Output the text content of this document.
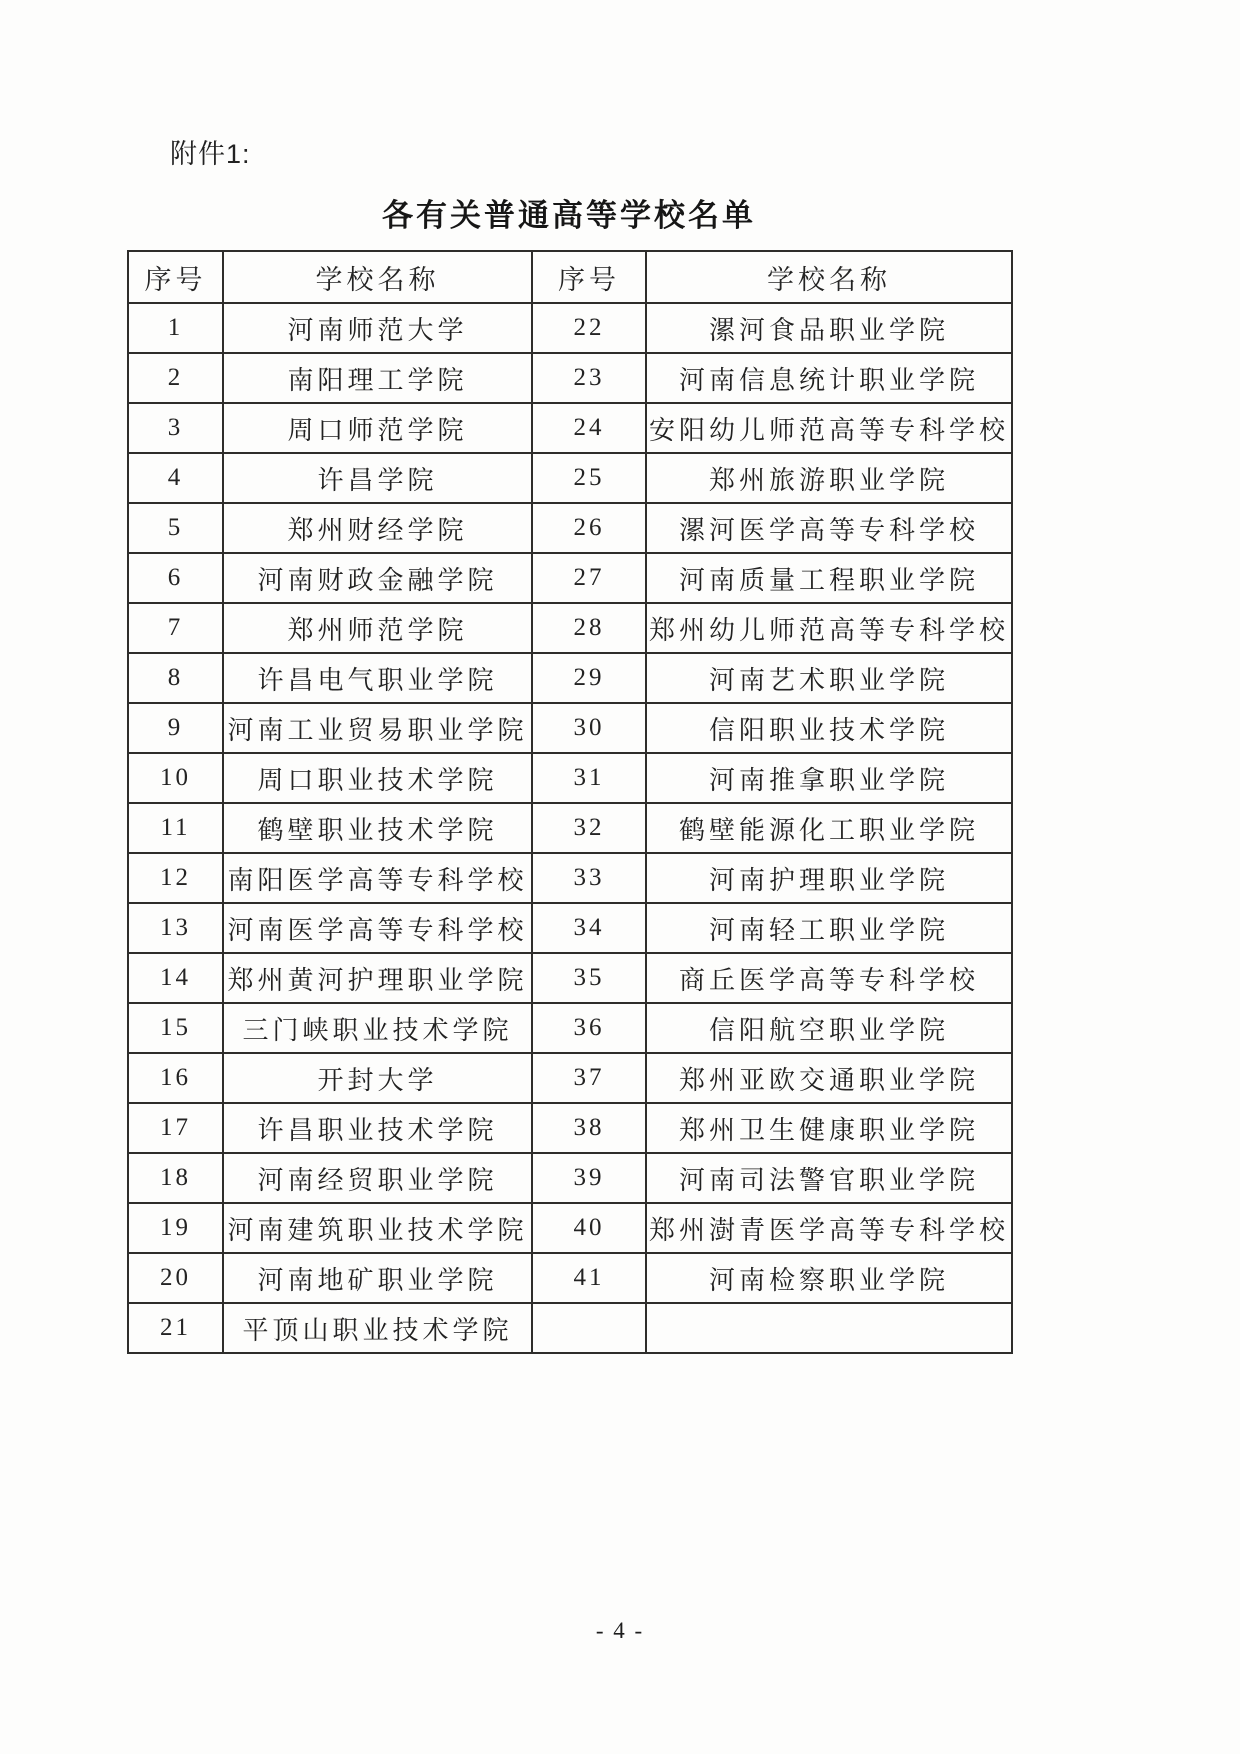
附件1:
各有关普通高等学校名单
序号	学校名称	序号	学校名称
1	河南师范大学	22	漯河食品职业学院
2	南阳理工学院	23	河南信息统计职业学院
3	周口师范学院	24	安阳幼儿师范高等专科学校
4	许昌学院	25	郑州旅游职业学院
5	郑州财经学院	26	漯河医学高等专科学校
6	河南财政金融学院	27	河南质量工程职业学院
7	郑州师范学院	28	郑州幼儿师范高等专科学校
8	许昌电气职业学院	29	河南艺术职业学院
9	河南工业贸易职业学院	30	信阳职业技术学院
10	周口职业技术学院	31	河南推拿职业学院
11	鹤壁职业技术学院	32	鹤壁能源化工职业学院
12	南阳医学高等专科学校	33	河南护理职业学院
13	河南医学高等专科学校	34	河南轻工职业学院
14	郑州黄河护理职业学院	35	商丘医学高等专科学校
15	三门峡职业技术学院	36	信阳航空职业学院
16	开封大学	37	郑州亚欧交通职业学院
17	许昌职业技术学院	38	郑州卫生健康职业学院
18	河南经贸职业学院	39	河南司法警官职业学院
19	河南建筑职业技术学院	40	郑州澍青医学高等专科学校
20	河南地矿职业学院	41	河南检察职业学院
21	平顶山职业技术学院		
- 4 -
